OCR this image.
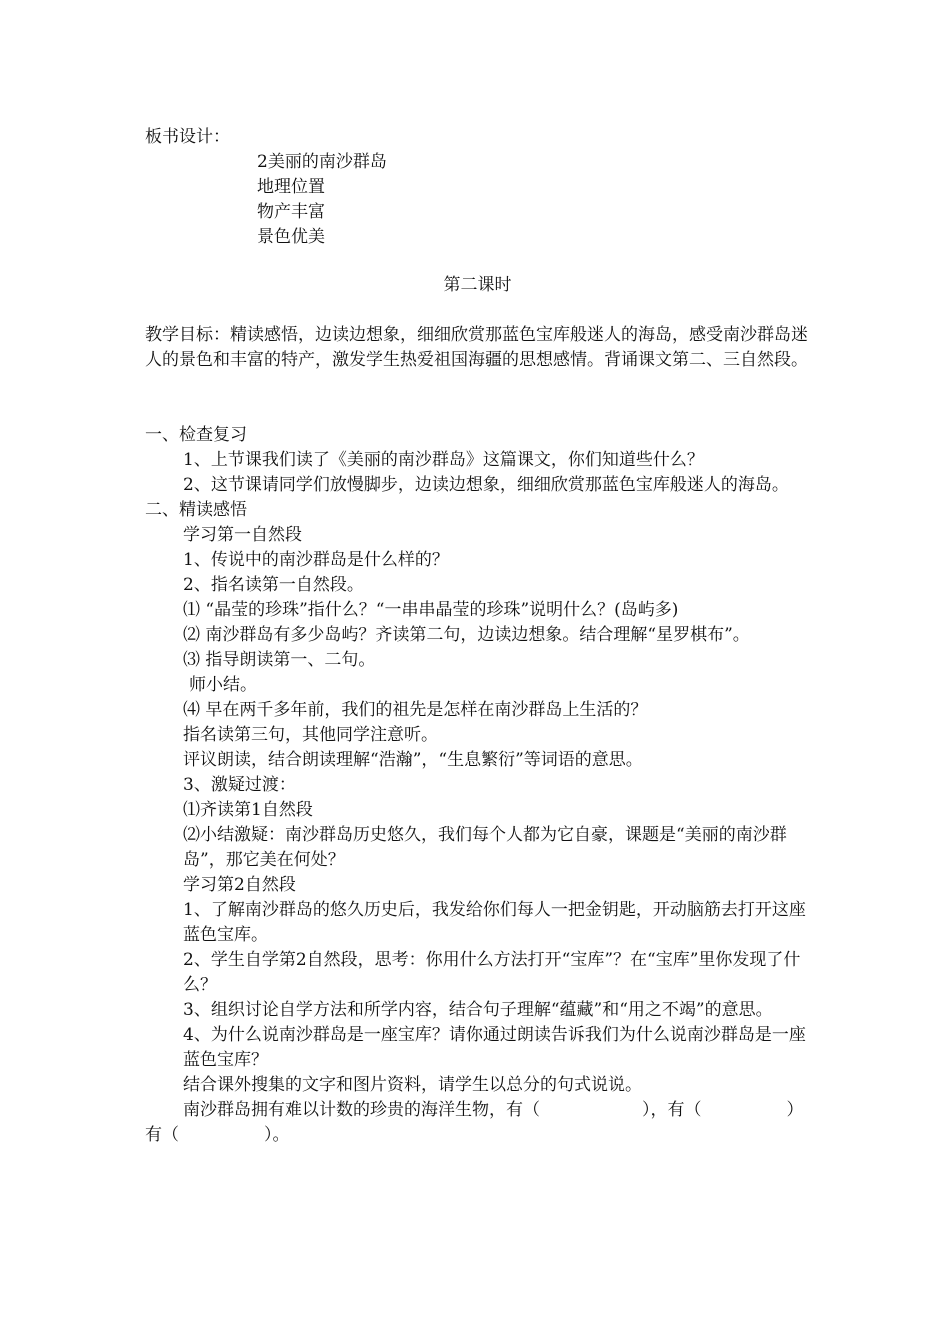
板书设计：
2美丽的南沙群岛
地理位置
物产丰富
景色优美
第二课时
教学目标：精读感悟，边读边想象，细细欣赏那蓝色宝库般迷人的海岛，感受南沙群岛迷人的景色和丰富的特产，激发学生热爱祖国海疆的思想感情。背诵课文第二、三自然段。
一、检查复习
1、上节课我们读了《美丽的南沙群岛》这篇课文，你们知道些什么？
2、这节课请同学们放慢脚步，边读边想象，细细欣赏那蓝色宝库般迷人的海岛。
二、精读感悟
学习第一自然段
1、传说中的南沙群岛是什么样的？
2、指名读第一自然段。
⑴ “晶莹的珍珠”指什么？“一串串晶莹的珍珠”说明什么？(岛屿多)
⑵ 南沙群岛有多少岛屿？齐读第二句，边读边想象。结合理解“星罗棋布”。
⑶ 指导朗读第一、二句。
师小结。
⑷ 早在两千多年前，我们的祖先是怎样在南沙群岛上生活的？
指名读第三句，其他同学注意听。
评议朗读，结合朗读理解“浩瀚”，“生息繁衍”等词语的意思。
3、激疑过渡：
⑴齐读第1自然段
⑵小结激疑：南沙群岛历史悠久，我们每个人都为它自豪，课题是“美丽的南沙群岛”，那它美在何处？
学习第2自然段
1、了解南沙群岛的悠久历史后，我发给你们每人一把金钥匙，开动脑筋去打开这座蓝色宝库。
2、学生自学第2自然段，思考：你用什么方法打开“宝库”？在“宝库”里你发现了什么？
3、组织讨论自学方法和所学内容，结合句子理解“蕴藏”和“用之不竭”的意思。
4、为什么说南沙群岛是一座宝库？请你通过朗读告诉我们为什么说南沙群岛是一座蓝色宝库？
结合课外搜集的文字和图片资料，请学生以总分的句式说说。
南沙群岛拥有难以计数的珍贵的海洋生物，有（　　　　　　），有（　　　　　）
有（　　　　　）。
